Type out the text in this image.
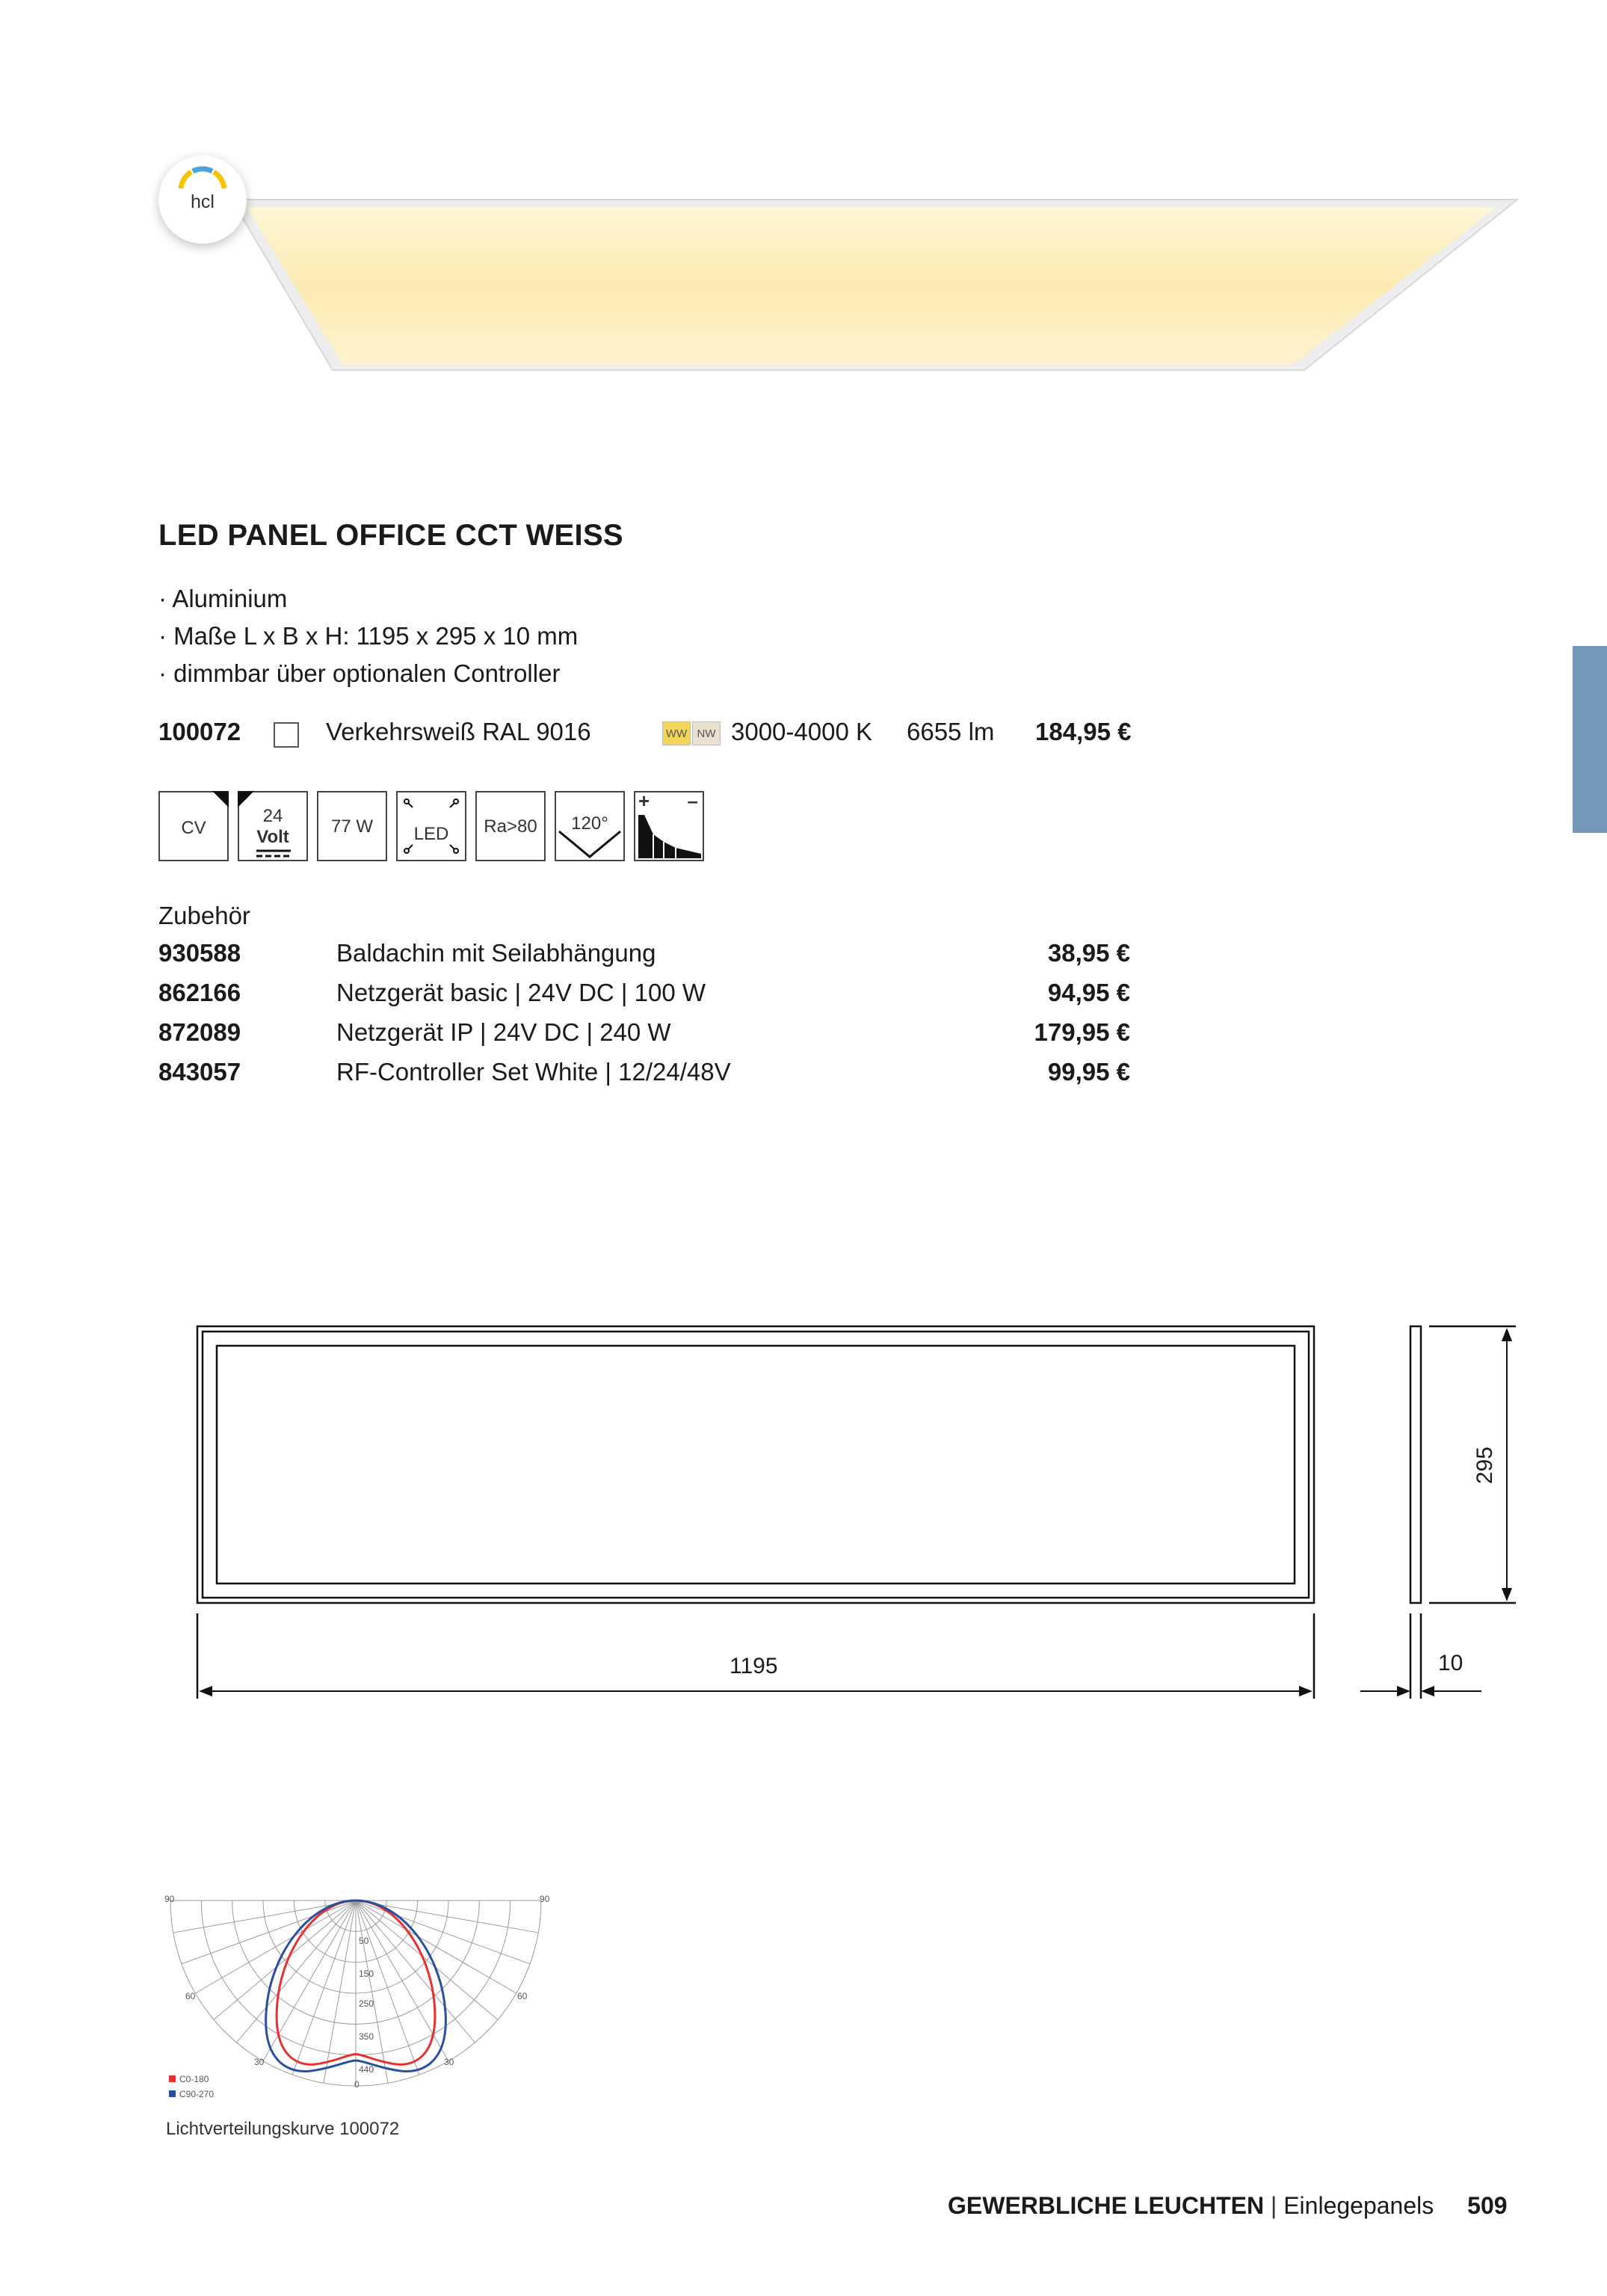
hcl
LED PANEL OFFICE CCT WEISS
· Aluminium
· Maße L x B x H: 1195 x 295 x 10 mm
· dimmbar über optionalen Controller
100072	Verkehrsweiß RAL 9016	WW NW 3000-4000 K 6655 lm 184,95 €
CV
24
Volt
77 W	LED	Ra>80	120°
+ –
Zubehör
930588	Baldachin mit Seilabhängung	38,95 €
862166	Netzgerät basic | 24V DC | 100 W	94,95 €
872089	Netzgerät IP | 24V DC | 240 W	179,95 €
843057	RF-Controller Set White | 12/24/48V	99,95 €
1195	10
295
90	90
60	60
30	30
0
50
150
250
350
440
C0-180
C90-270
Lichtverteilungskurve 100072
GEWERBLICHE LEUCHTEN | Einlegepanels 509
